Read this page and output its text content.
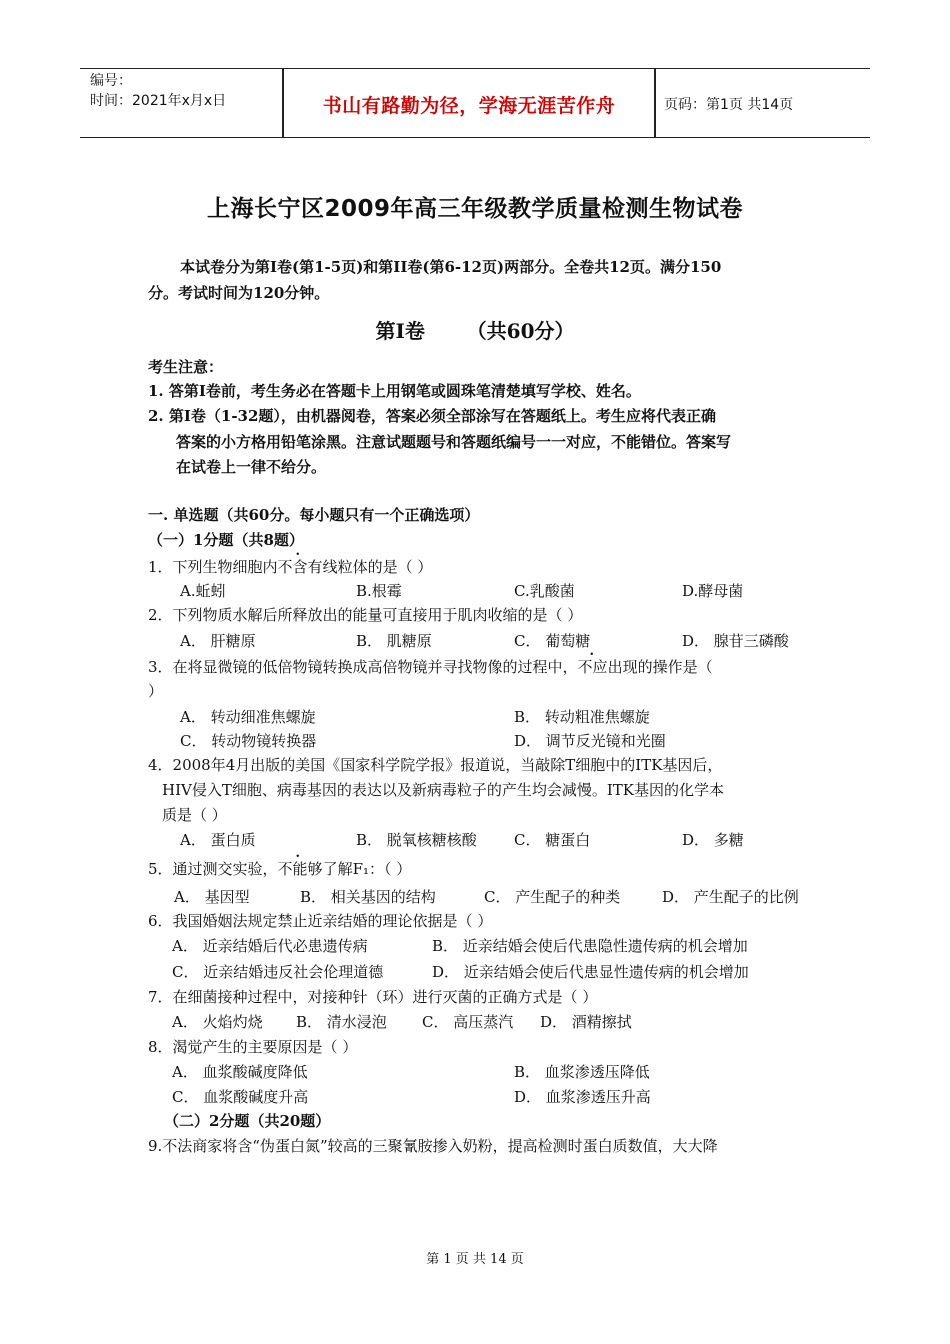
编号：
时间：2021年x月x日	书山有路勤为径，学海无涯苦作舟	页码：第1页 共14页
上海长宁区2009年高三年级教学质量检测生物试卷
本试卷分为第I卷(第1-5页)和第II卷(第6-12页)两部分。全卷共12页。满分150
分。考试时间为120分钟。
第I卷      （共60分）
考生注意：
1. 答第I卷前，考生务必在答题卡上用钢笔或圆珠笔清楚填写学校、姓名。
2. 第I卷（1-32题），由机器阅卷，答案必须全部涂写在答题纸上。考生应将代表正确
答案的小方格用铅笔涂黑。注意试题题号和答题纸编号一一对应，不能错位。答案写
在试卷上一律不给分。
一. 单选题（共60分。每小题只有一个正确选项）
（一）1分题（共8题）
1．下列生物细胞内不含有线粒体的是（ ）
A.蚯蚓	B.根霉	C.乳酸菌	D.酵母菌
2．下列物质水解后所释放出的能量可直接用于肌肉收缩的是（ ）
A． 肝糖原	B． 肌糖原	C． 葡萄糖	D． 腺苷三磷酸
3．在将显微镜的低倍物镜转换成高倍物镜并寻找物像的过程中，不应出现的操作是（
）
A． 转动细准焦螺旋	B． 转动粗准焦螺旋
C． 转动物镜转换器	D． 调节反光镜和光圈
4．2008年4月出版的美国《国家科学院学报》报道说，当敲除T细胞中的ITK基因后，
HIV侵入T细胞、病毒基因的表达以及新病毒粒子的产生均会减慢。ITK基因的化学本
质是（ ）
A． 蛋白质	B． 脱氧核糖核酸 C． 糖蛋白	D． 多糖
5．通过测交实验，不能够了解F₁：（ ）
A． 基因型	B． 相关基因的结构	C． 产生配子的种类	D． 产生配子的比例
6．我国婚姻法规定禁止近亲结婚的理论依据是（ ）
A． 近亲结婚后代必患遗传病	B． 近亲结婚会使后代患隐性遗传病的机会增加
C． 近亲结婚违反社会伦理道德	D． 近亲结婚会使后代患显性遗传病的机会增加
7．在细菌接种过程中，对接种针（环）进行灭菌的正确方式是（ ）
A． 火焰灼烧 B． 清水浸泡 C． 高压蒸汽 D． 酒精擦拭
8．渴觉产生的主要原因是（ ）
A． 血浆酸碱度降低	B． 血浆渗透压降低
C． 血浆酸碱度升高	D． 血浆渗透压升高
（二）2分题（共20题）
9.不法商家将含“伪蛋白氮”较高的三聚氰胺掺入奶粉，提高检测时蛋白质数值，大大降
第 1 页 共 14 页
